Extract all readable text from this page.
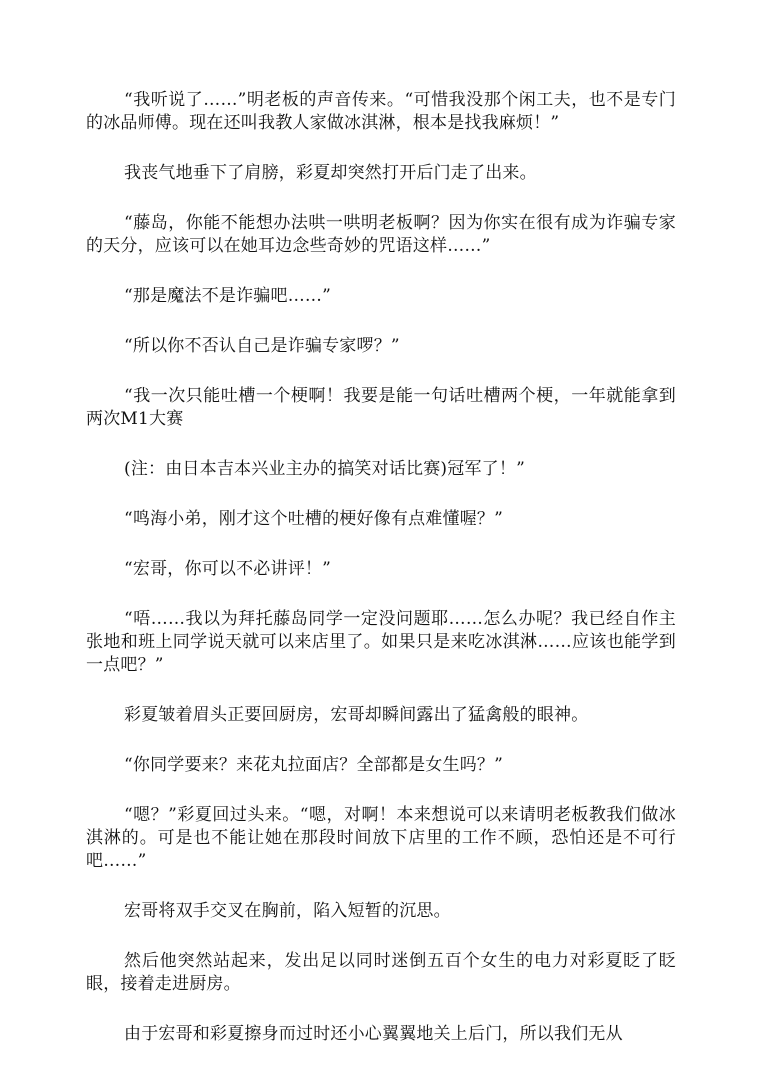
“我听说了……”明老板的声音传来。“可惜我没那个闲工夫，也不是专门的冰品师傅。现在还叫我教人家做冰淇淋，根本是找我麻烦！”

我丧气地垂下了肩膀，彩夏却突然打开后门走了出来。

“藤岛，你能不能想办法哄一哄明老板啊？因为你实在很有成为诈骗专家的天分，应该可以在她耳边念些奇妙的咒语这样……”

“那是魔法不是诈骗吧……”

“所以你不否认自己是诈骗专家啰？”

“我一次只能吐槽一个梗啊！我要是能一句话吐槽两个梗，一年就能拿到两次M1大赛

(注：由日本吉本兴业主办的搞笑对话比赛)冠军了！”

“鸣海小弟，刚才这个吐槽的梗好像有点难懂喔？”

“宏哥，你可以不必讲评！”

“唔……我以为拜托藤岛同学一定没问题耶……怎么办呢？我已经自作主张地和班上同学说天就可以来店里了。如果只是来吃冰淇淋……应该也能学到一点吧？”

彩夏皱着眉头正要回厨房，宏哥却瞬间露出了猛禽般的眼神。

“你同学要来？来花丸拉面店？全部都是女生吗？”

“嗯？”彩夏回过头来。“嗯，对啊！本来想说可以来请明老板教我们做冰淇淋的。可是也不能让她在那段时间放下店里的工作不顾，恐怕还是不可行吧……”

宏哥将双手交叉在胸前，陷入短暂的沉思。

然后他突然站起来，发出足以同时迷倒五百个女生的电力对彩夏眨了眨眼，接着走进厨房。

由于宏哥和彩夏擦身而过时还小心翼翼地关上后门，所以我们无从
